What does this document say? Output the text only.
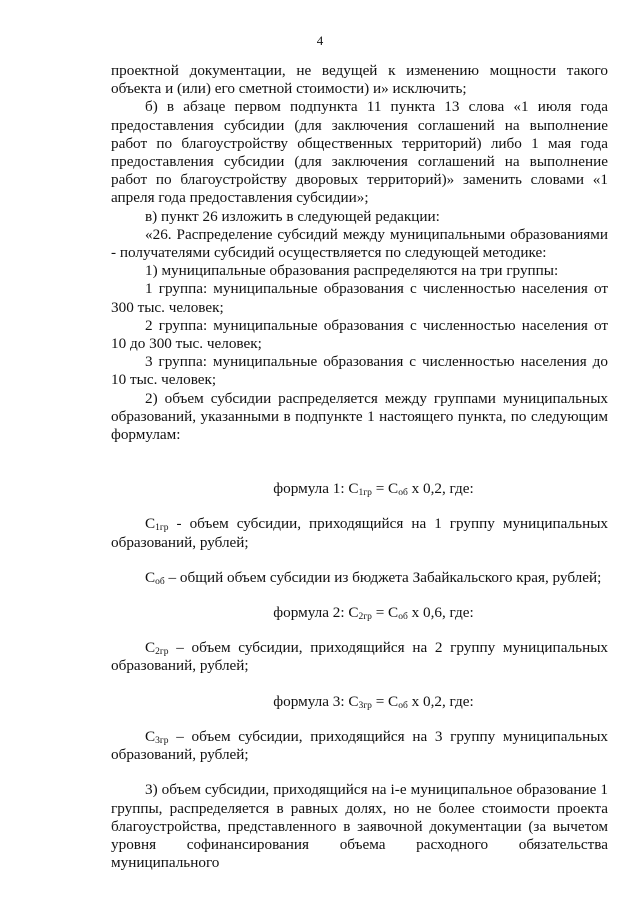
4

проектной документации, не ведущей к изменению мощности такого объекта и (или) его сметной стоимости) и» исключить;

б) в абзаце первом подпункта 11 пункта 13 слова «1 июля года предоставления субсидии (для заключения соглашений на выполнение работ по благоустройству общественных территорий) либо 1 мая года предоставления субсидии (для заключения соглашений на выполнение работ по благоустройству дворовых территорий)» заменить словами «1 апреля года предоставления субсидии»;

в) пункт 26 изложить в следующей редакции:

«26. Распределение субсидий между муниципальными образованиями - получателями субсидий осуществляется по следующей методике:

1) муниципальные образования распределяются на три группы:

1 группа: муниципальные образования с численностью населения от 300 тыс. человек;

2 группа: муниципальные образования с численностью населения от 10 до 300 тыс. человек;

3 группа: муниципальные образования с численностью населения до 10 тыс. человек;

2) объем субсидии распределяется между группами муниципальных образований, указанными в подпункте 1 настоящего пункта, по следующим формулам:

формула 1: $C_{1гр} = C_{об}$ х 0,2, где:

$C_{1гр}$ - объем субсидии, приходящийся на 1 группу муниципальных образований, рублей;

$C_{об}$ – общий объем субсидии из бюджета Забайкальского края, рублей;

формула 2: $C_{2гр} = C_{об}$ х 0,6, где:

$C_{2гр}$ – объем субсидии, приходящийся на 2 группу муниципальных образований, рублей;

формула 3: $C_{3гр} = C_{об}$ х 0,2, где:

$C_{3гр}$ – объем субсидии, приходящийся на 3 группу муниципальных образований, рублей;

3) объем субсидии, приходящийся на i-е муниципальное образование 1 группы, распределяется в равных долях, но не более стоимости проекта благоустройства, представленного в заявочной документации (за вычетом уровня софинансирования объема расходного обязательства муниципального
